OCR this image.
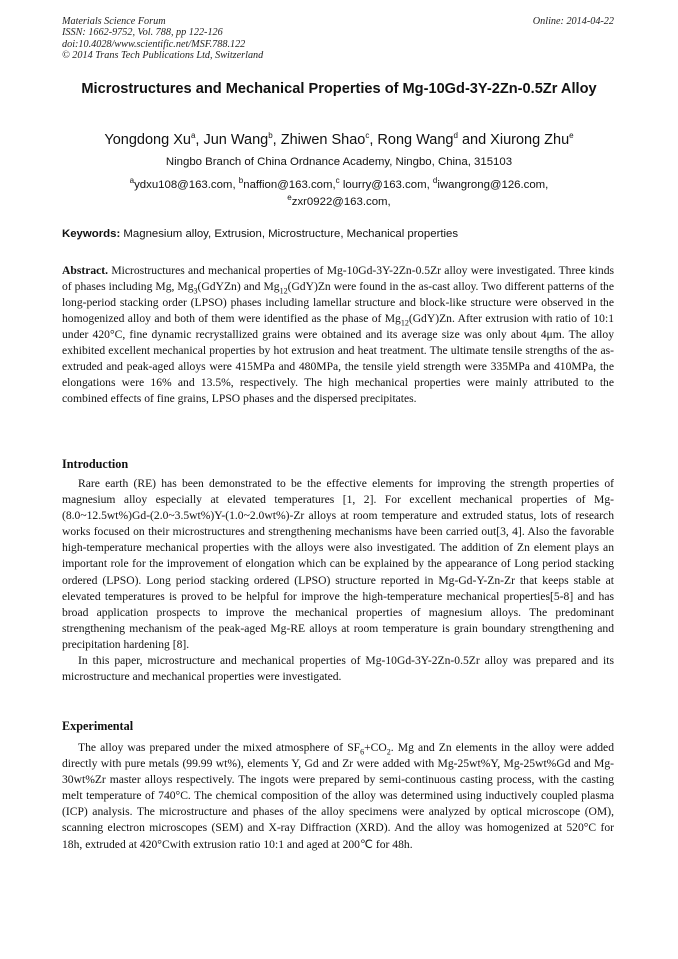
Materials Science Forum
ISSN: 1662-9752, Vol. 788, pp 122-126
doi:10.4028/www.scientific.net/MSF.788.122
© 2014 Trans Tech Publications Ltd, Switzerland
Online: 2014-04-22
Microstructures and Mechanical Properties of Mg-10Gd-3Y-2Zn-0.5Zr Alloy
Yongdong Xu$^a$, Jun Wang$^b$, Zhiwen Shao$^c$, Rong Wang$^d$ and Xiurong Zhu$^e$
Ningbo Branch of China Ordnance Academy, Ningbo, China, 315103
$^a$ydxu108@163.com, $^b$naffion@163.com,$^c$ lourry@163.com, $^d$iwangrong@126.com,
$^e$zxr0922@163.com,
Keywords: Magnesium alloy, Extrusion, Microstructure, Mechanical properties
Abstract. Microstructures and mechanical properties of Mg-10Gd-3Y-2Zn-0.5Zr alloy were investigated. Three kinds of phases including Mg, $Mg_3(GdYZn)$ and $Mg_{12}(GdY)Zn$ were found in the as-cast alloy. Two different patterns of the long-period stacking order (LPSO) phases including lamellar structure and block-like structure were observed in the homogenized alloy and both of them were identified as the phase of $Mg_{12}(GdY)Zn$. After extrusion with ratio of 10:1 under 420°C, fine dynamic recrystallized grains were obtained and its average size was only about 4μm. The alloy exhibited excellent mechanical properties by hot extrusion and heat treatment. The ultimate tensile strengths of the as-extruded and peak-aged alloys were 415MPa and 480MPa, the tensile yield strength were 335MPa and 410MPa, the elongations were 16% and 13.5%, respectively. The high mechanical properties were mainly attributed to the combined effects of fine grains, LPSO phases and the dispersed precipitates.
Introduction

Rare earth (RE) has been demonstrated to be the effective elements for improving the strength properties of magnesium alloy especially at elevated temperatures [1, 2]. For excellent mechanical properties of Mg-(8.0~12.5wt%)Gd-(2.0~3.5wt%)Y-(1.0~2.0wt%)-Zr alloys at room temperature and extruded status, lots of research works focused on their microstructures and strengthening mechanisms have been carried out[3, 4]. Also the favorable high-temperature mechanical properties with the alloys were also investigated. The addition of Zn element plays an important role for the improvement of elongation which can be explained by the appearance of Long period stacking ordered (LPSO). Long period stacking ordered (LPSO) structure reported in Mg-Gd-Y-Zn-Zr that keeps stable at elevated temperatures is proved to be helpful for improve the high-temperature mechanical properties[5-8] and has broad application prospects to improve the mechanical properties of magnesium alloys. The predominant strengthening mechanism of the peak-aged Mg-RE alloys at room temperature is grain boundary strengthening and precipitation hardening [8].

In this paper, microstructure and mechanical properties of Mg-10Gd-3Y-2Zn-0.5Zr alloy was prepared and its microstructure and mechanical properties were investigated.

Experimental

The alloy was prepared under the mixed atmosphere of $SF_6+CO_2$. Mg and Zn elements in the alloy were added directly with pure metals (99.99 wt%), elements Y, Gd and Zr were added with Mg-25wt%Y, Mg-25wt%Gd and Mg-30wt%Zr master alloys respectively. The ingots were prepared by semi-continuous casting process, with the casting melt temperature of 740°C. The chemical composition of the alloy was determined using inductively coupled plasma (ICP) analysis. The microstructure and phases of the alloy specimens were analyzed by optical microscope (OM), scanning electron microscopes (SEM) and X-ray Diffraction (XRD). And the alloy was homogenized at 520°C for 18h, extruded at 420°Cwith extrusion ratio 10:1 and aged at 200℃ for 48h.
